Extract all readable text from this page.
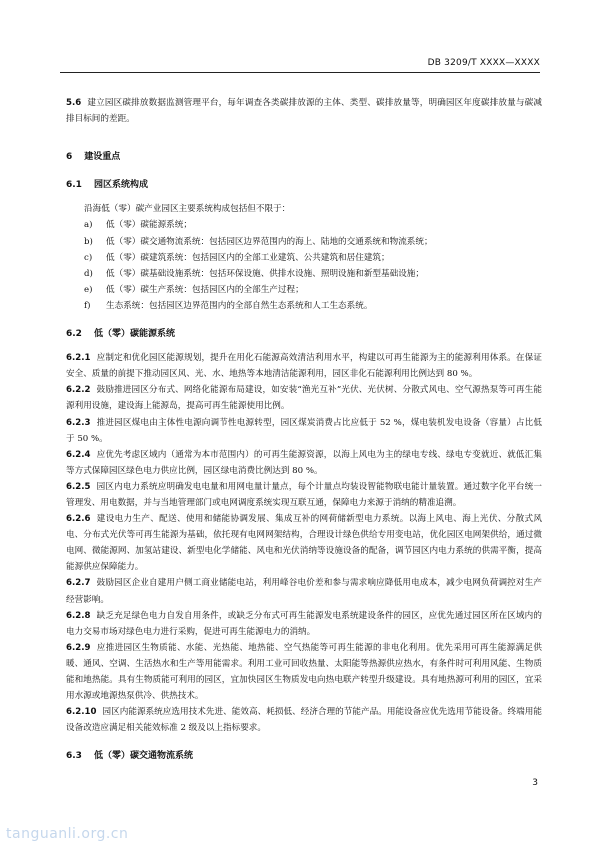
DB 3209/T XXXX—XXXX

5.6 建立园区碳排放数据监测管理平台，每年调查各类碳排放源的主体、类型、碳排放量等，明确园区年度碳排放量与碳减排目标间的差距。

6 建设重点
6.1 园区系统构成

沿海低（零）碳产业园区主要系统构成包括但不限于：

a) 低（零）碳能源系统；

b) 低（零）碳交通物流系统：包括园区边界范围内的海上、陆地的交通系统和物流系统；

c) 低（零）碳建筑系统：包括园区内的全部工业建筑、公共建筑和居住建筑；

d) 低（零）碳基础设施系统：包括环保设施、供排水设施、照明设施和新型基础设施；

e) 低（零）碳生产系统：包括园区内的全部生产过程；

f) 生态系统：包括园区边界范围内的全部自然生态系统和人工生态系统。

6.2 低（零）碳能源系统

6.2.1 应制定和优化园区能源规划，提升在用化石能源高效清洁利用水平，构建以可再生能源为主的能源利用体系。在保证安全、质量的前提下推动园区风、光、水、地热等本地清洁能源利用，园区非化石能源利用比例达到 80 %。

6.2.2 鼓励推进园区分布式、网络化能源布局建设，如安装“渔光互补”光伏、光伏树、分散式风电、空气源热泵等可再生能源利用设施，建设海上能源岛，提高可再生能源使用比例。

6.2.3 推进园区煤电由主体性电源向调节性电源转型，园区煤炭消费占比应低于 52 %，煤电装机发电设备（容量）占比低于 50 %。

6.2.4 应优先考虑区域内（通常为本市范围内）的可再生能源资源，以海上风电为主的绿电专线、绿电专变就近、就低汇集等方式保障园区绿色电力供应比例，园区绿电消费比例达到 80 %。

6.2.5 园区内电力系统应明确发电电量和用网电量计量点，每个计量点均装设智能物联电能计量装置。通过数字化平台统一管理发、用电数据，并与当地管理部门或电网调度系统实现互联互通，保障电力来源于消纳的精准追溯。

6.2.6 建设电力生产、配送、使用和储能协调发展、集成互补的网荷储新型电力系统。以海上风电、海上光伏、分散式风电、分布式光伏等可再生能源为基础，依托现有电网网架结构，合理设计绿色供给专用变电站，优化园区电网架供给，通过微电网、微能源网、加氢站建设、新型电化学储能、风电和光伏消纳等设施设备的配备，调节园区内电力系统的供需平衡，提高能源供应保障能力。

6.2.7 鼓励园区企业自建用户侧工商业储能电站，利用峰谷电价差和参与需求响应降低用电成本，减少电网负荷调控对生产经营影响。

6.2.8 缺乏充足绿色电力自发自用条件，或缺乏分布式可再生能源发电系统建设条件的园区，应优先通过园区所在区域内的电力交易市场对绿色电力进行采购，促进可再生能源电力的消纳。

6.2.9 应推进园区生物质能、水能、光热能、地热能、空气热能等可再生能源的非电化利用。优先采用可再生能源满足供暖、通风、空调、生活热水和生产等用能需求。利用工业可回收热量、太阳能等热源供应热水，有条件时可利用风能、生物质能和地热能。具有生物质能可利用的园区，宜加快园区生物质发电向热电联产转型升级建设。具有地热源可利用的园区，宜采用水源或地源热泵供冷、供热技术。

6.2.10 园区内能源系统应选用技术先进、能效高、耗损低、经济合理的节能产品。用能设备应优先选用节能设备。终端用能设备改造应满足相关能效标准 2 级及以上指标要求。

6.3 低（零）碳交通物流系统
3
tanguanli.org.cn
